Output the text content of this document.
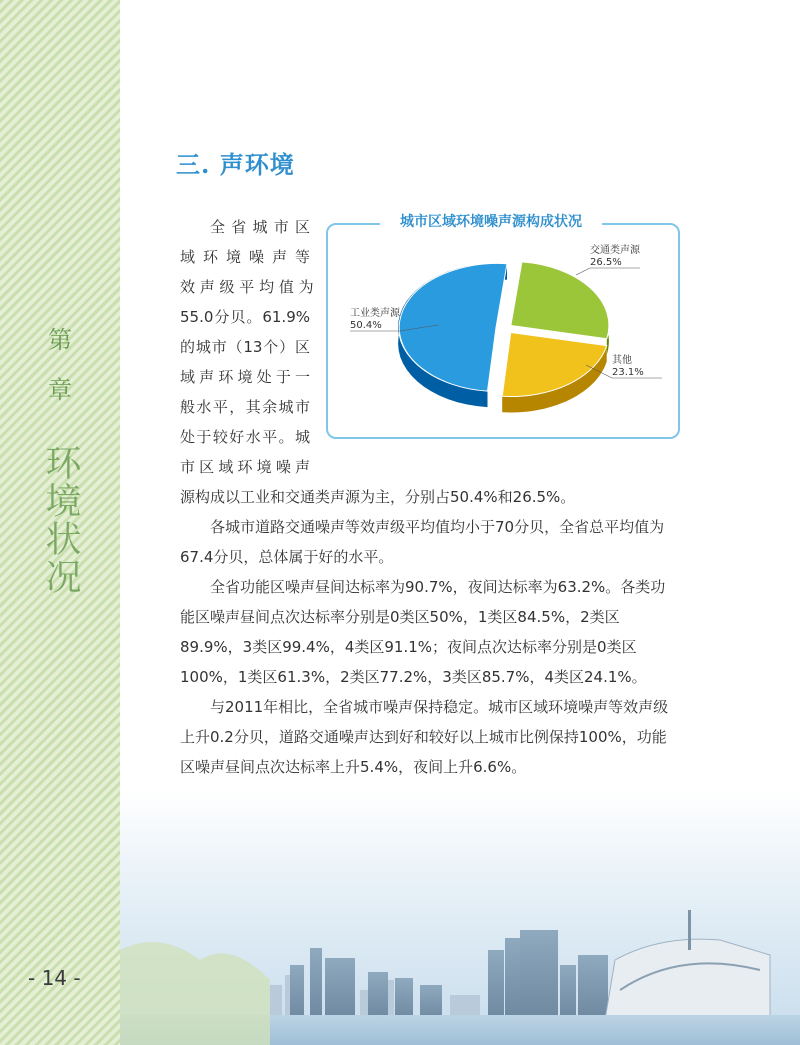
第
章
环境状况
- 14 -
三. 声环境
全省城市区
域 环 境 噪 声 等
效 声 级 平 均 值 为
55.0分贝。61.9%
的城市（13个）区
域声环境处于一
般水平，其余城市
处于较好水平。城
市区域环境噪声
源构成以工业和交通类声源为主，分别占50.4%和26.5%。
各城市道路交通噪声等效声级平均值均小于70分贝，全省总平均值为67.4分贝，总体属于好的水平。
全省功能区噪声昼间达标率为90.7%，夜间达标率为63.2%。各类功能区噪声昼间点次达标率分别是0类区50%，1类区84.5%，2类区89.9%，3类区99.4%，4类区91.1%；夜间点次达标率分别是0类区100%，1类区61.3%，2类区77.2%，3类区85.7%，4类区24.1%。
与2011年相比，全省城市噪声保持稳定。城市区域环境噪声等效声级上升0.2分贝，道路交通噪声达到好和较好以上城市比例保持100%，功能区噪声昼间点次达标率上升5.4%，夜间上升6.6%。
城市区域环境噪声源构成状况
工业类声源
50.4%
交通类声源
26.5%
其他
23.1%
